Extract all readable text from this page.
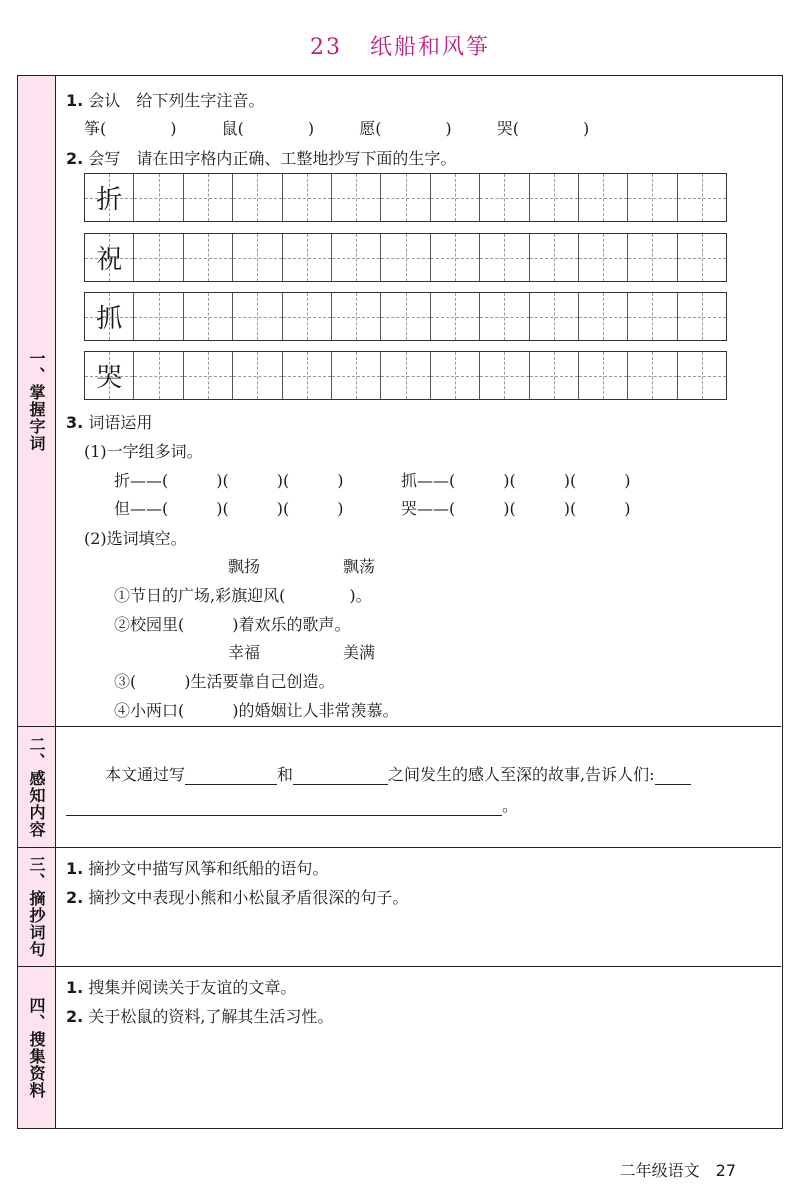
23 纸船和风筝
一、掌握字词
1. 会认　给下列生字注音。
筝(　　　　)	鼠(　　　　)	愿(　　　　)	哭(　　　　)
2. 会写　请在田字格内正确、工整地抄写下面的生字。
折
祝
抓
哭
3. 词语运用
(1)一字组多词。
折——(　　　)(　　　)(　　　)	抓——(　　　)(　　　)(　　　)
但——(　　　)(　　　)(　　　)	哭——(　　　)(　　　)(　　　)
(2)选词填空。
飘扬	飘荡
①节日的广场,彩旗迎风(　　　　)。
②校园里(　　　)着欢乐的歌声。
幸福	美满
③(　　　)生活要靠自己创造。
④小两口(　　　)的婚姻让人非常羡慕。
二、感知内容	本文通过写	和	之间发生的感人至深的故事,告诉人们:
。
三、摘抄词句 1. 摘抄文中描写风筝和纸船的语句。
2. 摘抄文中表现小熊和小松鼠矛盾很深的句子。
四、搜集资料
1. 搜集并阅读关于友谊的文章。
2. 关于松鼠的资料,了解其生活习性。
二年级语文 27
